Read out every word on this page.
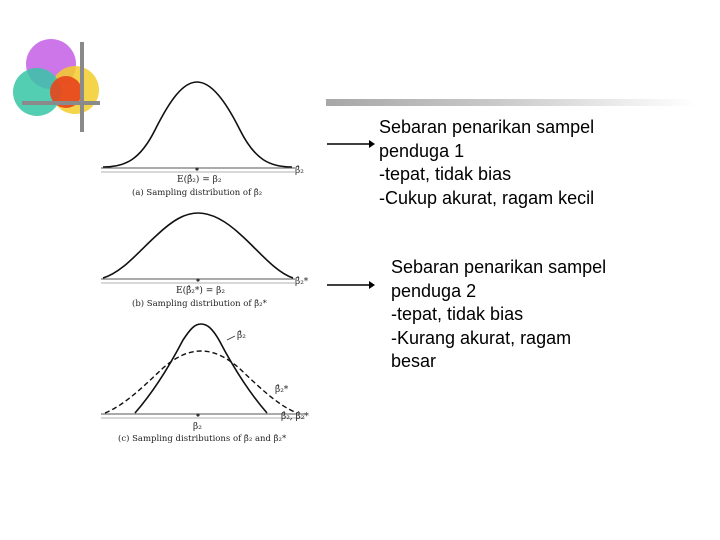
β̂₂
E(β̂₂) = β₂
(a) Sampling distribution of β̂₂
β̂₂*
E(β̂₂*) = β₂
(b) Sampling distribution of β̂₂*
β̂₂
β̂₂*
β̂₂, β̂₂*
β₂
(c) Sampling distributions of β̂₂ and β̂₂*
Sebaran penarikan sampel
penduga 1
-tepat, tidak bias
-Cukup akurat, ragam kecil
Sebaran penarikan sampel
penduga 2
-tepat, tidak bias
-Kurang akurat, ragam
besar
